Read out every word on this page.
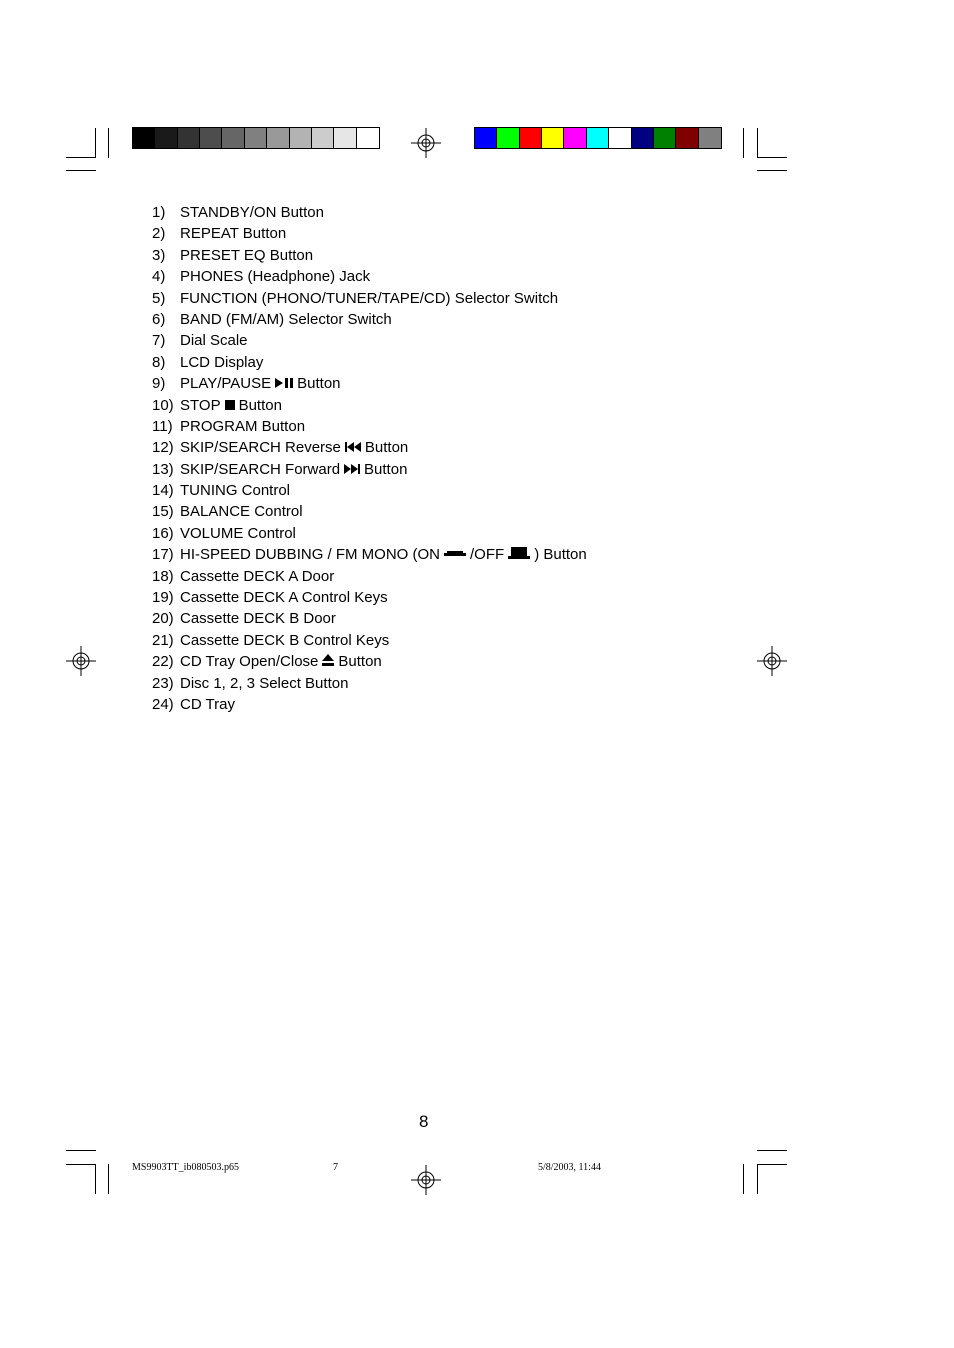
1) STANDBY/ON Button
2) REPEAT Button
3) PRESET EQ Button
4) PHONES (Headphone) Jack
5) FUNCTION (PHONO/TUNER/TAPE/CD) Selector Switch
6) BAND (FM/AM) Selector Switch
7) Dial Scale
8) LCD Display
9) PLAY/PAUSE Button
10) STOP Button
11) PROGRAM Button
12) SKIP/SEARCH Reverse Button
13) SKIP/SEARCH Forward Button
14) TUNING Control
15) BALANCE Control
16) VOLUME Control
17) HI-SPEED DUBBING / FM MONO (ON /OFF ) Button
18) Cassette DECK A Door
19) Cassette DECK A Control Keys
20) Cassette DECK B Door
21) Cassette DECK B Control Keys
22) CD Tray Open/Close Button
23) Disc 1, 2, 3 Select Button
24) CD Tray
8
MS9903TT_ib080503.p65	7	5/8/2003, 11:44
